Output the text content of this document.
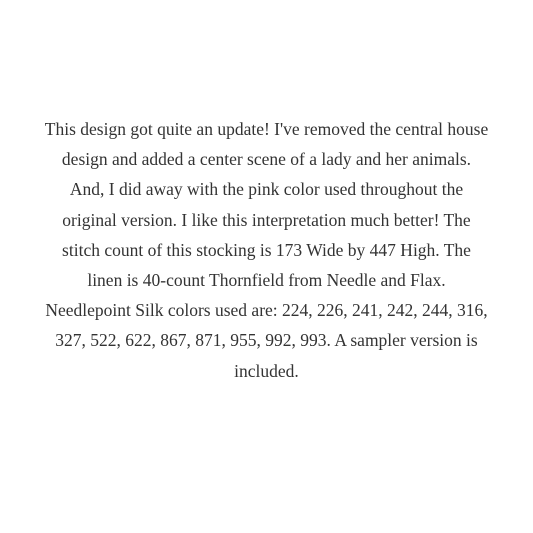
This design got quite an update! I've removed the central house
design and added a center scene of a lady and her animals.
And, I did away with the pink color used throughout the
original version. I like this interpretation much better! The
stitch count of this stocking is 173 Wide by 447 High. The
linen is 40-count Thornfield from Needle and Flax.
Needlepoint Silk colors used are: 224, 226, 241, 242, 244, 316,
327, 522, 622, 867, 871, 955, 992, 993. A sampler version is
included.
